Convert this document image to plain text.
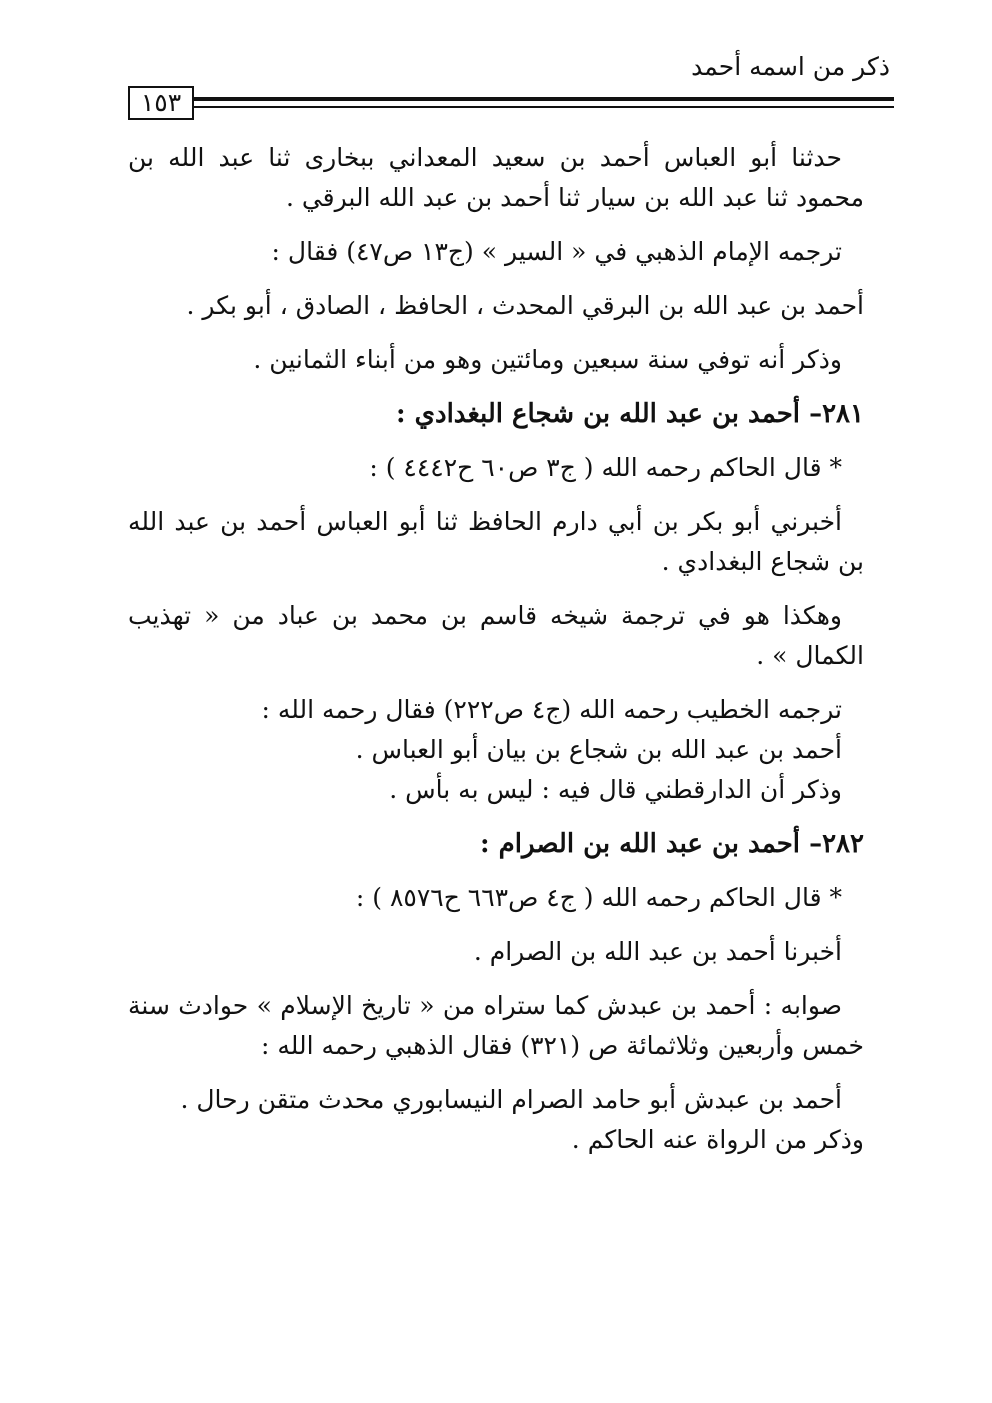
ذكر من اسمه أحمد
١٥٣

حدثنا أبو العباس أحمد بن سعيد المعداني ببخارى ثنا عبد الله بن محمود ثنا عبد الله بن سيار ثنا أحمد بن عبد الله البرقي .

ترجمه الإمام الذهبي في « السير » (ج١٣ ص٤٧) فقال :

أحمد بن عبد الله بن البرقي المحدث ، الحافظ ، الصادق ، أبو بكر .

وذكر أنه توفي سنة سبعين ومائتين وهو من أبناء الثمانين .

٢٨١– أحمد بن عبد الله بن شجاع البغدادي :

* قال الحاكم رحمه الله ( ج٣ ص٦٠ ح٤٤٤٢ ) :

أخبرني أبو بكر بن أبي دارم الحافظ ثنا أبو العباس أحمد بن عبد الله بن شجاع البغدادي .

وهكذا هو في ترجمة شيخه قاسم بن محمد بن عباد من « تهذيب الكمال » .

ترجمه الخطيب رحمه الله (ج٤ ص٢٢٢) فقال رحمه الله :

أحمد بن عبد الله بن شجاع بن بيان أبو العباس .

وذكر أن الدارقطني قال فيه : ليس به بأس .

٢٨٢– أحمد بن عبد الله بن الصرام :

* قال الحاكم رحمه الله ( ج٤ ص٦٦٣ ح٨٥٧٦ ) :

أخبرنا أحمد بن عبد الله بن الصرام .

صوابه : أحمد بن عبدش كما ستراه من « تاريخ الإسلام » حوادث سنة خمس وأربعين وثلاثمائة ص (٣٢١) فقال الذهبي رحمه الله :

أحمد بن عبدش أبو حامد الصرام النيسابوري محدث متقن رحال .

وذكر من الرواة عنه الحاكم .
